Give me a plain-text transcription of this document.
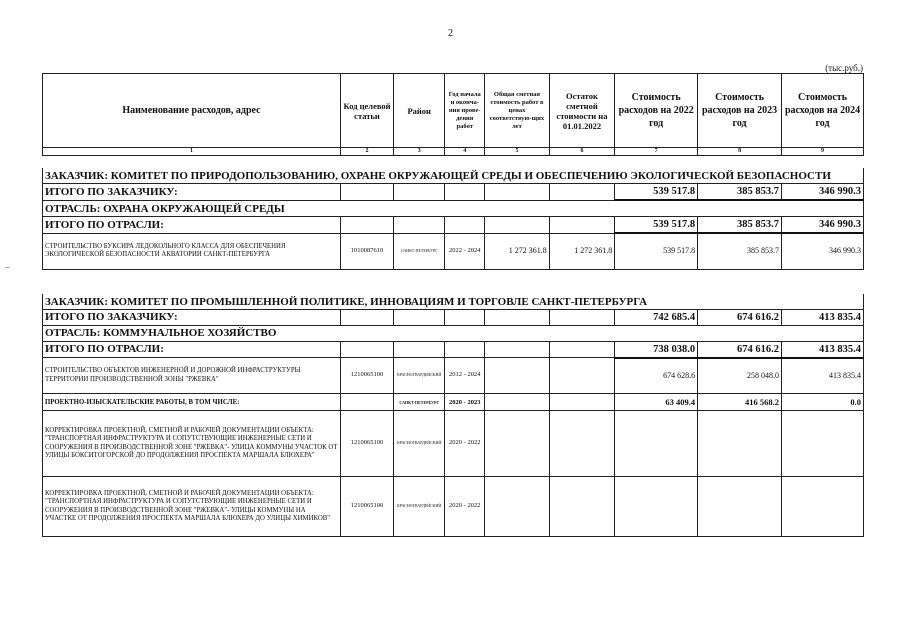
2
–
(тыс.руб.)
Наименование расходов, адрес	Код целевой статьи	Район	Год начала и оконча-ния прове-дения работ	Общая сметная стоимость работ в ценах соответствую-щих лет	Остаток сметной стоимости на 01.01.2022	Стоимость расходов на 2022 год	Стоимость расходов на 2023 год	Стоимость расходов на 2024 год
1	2	3	4	5	6	7	8	9

ЗАКАЗЧИК: КОМИТЕТ ПО ПРИРОДОПОЛЬЗОВАНИЮ, ОХРАНЕ ОКРУЖАЮЩЕЙ СРЕДЫ И ОБЕСПЕЧЕНИЮ ЭКОЛОГИЧЕСКОЙ БЕЗОПАСНОСТИ								
ИТОГО ПО ЗАКАЗЧИКУ:						539 517.8	385 853.7	346 990.3
ОТРАСЛЬ: ОХРАНА ОКРУЖАЮЩЕЙ СРЕДЫ								
ИТОГО ПО ОТРАСЛИ:						539 517.8	385 853.7	346 990.3
СТРОИТЕЛЬСТВО БУКСИРА ЛЕДОКОЛЬНОГО КЛАССА ДЛЯ ОБЕСПЕЧЕНИЯ ЭКОЛОГИЧЕСКОЙ БЕЗОПАСНОСТИ АКВАТОРИИ САНКТ-ПЕТЕРБУРГА	1010087610	САНКТ-ПЕТЕРБУРГ	2022 - 2024	1 272 361.8	1 272 361.8	539 517.8	385 853.7	346 990.3

ЗАКАЗЧИК: КОМИТЕТ ПО ПРОМЫШЛЕННОЙ ПОЛИТИКЕ, ИННОВАЦИЯМ И ТОРГОВЛЕ САНКТ-ПЕТЕРБУРГА								
ИТОГО ПО ЗАКАЗЧИКУ:						742 685.4	674 616.2	413 835.4
ОТРАСЛЬ: КОММУНАЛЬНОЕ ХОЗЯЙСТВО								
ИТОГО ПО ОТРАСЛИ:						738 038.0	674 616.2	413 835.4
СТРОИТЕЛЬСТВО ОБЪЕКТОВ ИНЖЕНЕРНОЙ И ДОРОЖНОЙ ИНФРАСТРУКТУРЫ ТЕРРИТОРИИ ПРОИЗВОДСТВЕННОЙ ЗОНЫ "РЖЕВКА"	1210065100	КРАСНОГВАРДЕЙСКИЙ	2012 - 2024			674 628.6	258 048.0	413 835.4
ПРОЕКТНО-ИЗЫСКАТЕЛЬСКИЕ РАБОТЫ, В ТОМ ЧИСЛЕ:		САНКТ-ПЕТЕРБУРГ	2020 - 2023			63 409.4	416 568.2	0.0
КОРРЕКТИРОВКА ПРОЕКТНОЙ, СМЕТНОЙ И РАБОЧЕЙ ДОКУМЕНТАЦИИ ОБЪЕКТА: "ТРАНСПОРТНАЯ ИНФРАСТРУКТУРА И СОПУТСТВУЮЩИЕ ИНЖЕНЕРНЫЕ СЕТИ И СООРУЖЕНИЯ В ПРОИЗВОДСТВЕННОЙ ЗОНЕ "РЖЕВКА"- УЛИЦА КОММУНЫ УЧАСТОК ОТ УЛИЦЫ БОКСИТОГОРСКОЙ ДО ПРОДОЛЖЕНИЯ ПРОСПЕКТА МАРШАЛА БЛЮХЕРА"	1210065100	КРАСНОГВАРДЕЙСКИЙ	2020 - 2022					
КОРРЕКТИРОВКА ПРОЕКТНОЙ, СМЕТНОЙ И РАБОЧЕЙ ДОКУМЕНТАЦИИ ОБЪЕКТА: "ТРАНСПОРТНАЯ ИНФРАСТРУКТУРА И СОПУТСТВУЮЩИЕ ИНЖЕНЕРНЫЕ СЕТИ И СООРУЖЕНИЯ В ПРОИЗВОДСТВЕННОЙ ЗОНЕ "РЖЕВКА"- УЛИЦЫ КОММУНЫ НА УЧАСТКЕ ОТ ПРОДОЛЖЕНИЯ ПРОСПЕКТА МАРШАЛА БЛЮХЕРА ДО УЛИЦЫ ХИМИКОВ"	1210065100	КРАСНОГВАРДЕЙСКИЙ	2020 - 2022					
